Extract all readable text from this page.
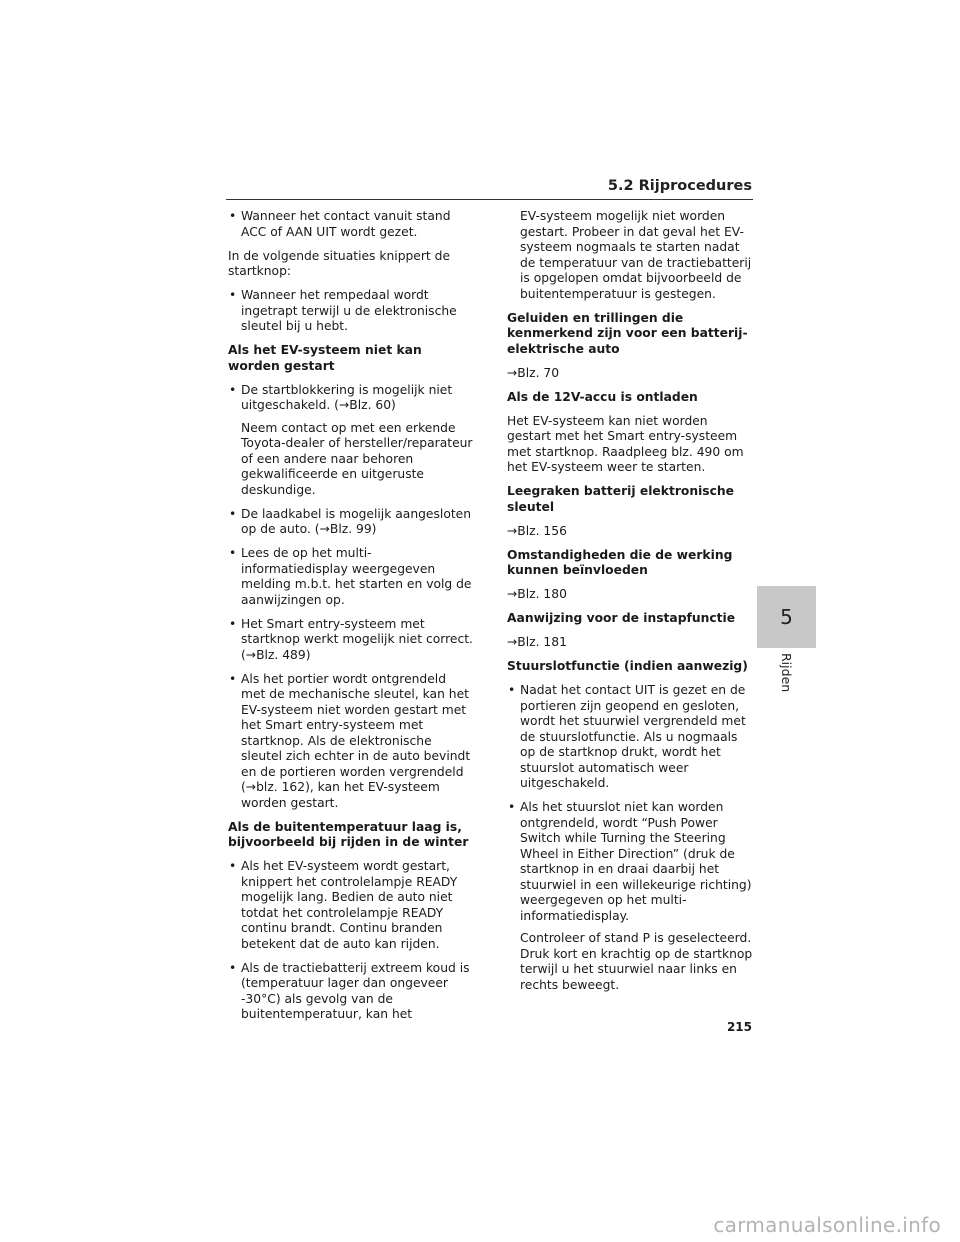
5.2 Rijprocedures
• Wanneer het contact vanuit stand ACC of AAN UIT wordt gezet.

In de volgende situaties knippert de startknop:

• Wanneer het rempedaal wordt ingetrapt terwijl u de elektronische sleutel bij u hebt.
Als het EV-systeem niet kan worden gestart
• De startblokkering is mogelijk niet uitgeschakeld. (→Blz. 60)
Neem contact op met een erkende Toyota-dealer of hersteller/reparateur of een andere naar behoren gekwalificeerde en uitgeruste deskundige.
• De laadkabel is mogelijk aangesloten op de auto. (→Blz. 99)
• Lees de op het multi-informatiedisplay weergegeven melding m.b.t. het starten en volg de aanwijzingen op.
• Het Smart entry-systeem met startknop werkt mogelijk niet correct. (→Blz. 489)
• Als het portier wordt ontgrendeld met de mechanische sleutel, kan het EV-systeem niet worden gestart met het Smart entry-systeem met startknop. Als de elektronische sleutel zich echter in de auto bevindt en de portieren worden vergrendeld (→blz. 162), kan het EV-systeem worden gestart.
Als de buitentemperatuur laag is, bijvoorbeeld bij rijden in de winter
• Als het EV-systeem wordt gestart, knippert het controlelampje READY mogelijk lang. Bedien de auto niet totdat het controlelampje READY continu brandt. Continu branden betekent dat de auto kan rijden.
• Als de tractiebatterij extreem koud is (temperatuur lager dan ongeveer -30°C) als gevolg van de buitentemperatuur, kan het
EV-systeem mogelijk niet worden gestart. Probeer in dat geval het EV-systeem nogmaals te starten nadat de temperatuur van de tractiebatterij is opgelopen omdat bijvoorbeeld de buitentemperatuur is gestegen.
Geluiden en trillingen die kenmerkend zijn voor een batterij-elektrische auto

→Blz. 70

Als de 12V-accu is ontladen

Het EV-systeem kan niet worden gestart met het Smart entry-systeem met startknop. Raadpleeg blz. 490 om het EV-systeem weer te starten.

Leegraken batterij elektronische sleutel

→Blz. 156

Omstandigheden die de werking kunnen beïnvloeden

→Blz. 180

Aanwijzing voor de instapfunctie

→Blz. 181

Stuurslotfunctie (indien aanwezig)
• Nadat het contact UIT is gezet en de portieren zijn geopend en gesloten, wordt het stuurwiel vergrendeld met de stuurslotfunctie. Als u nogmaals op de startknop drukt, wordt het stuurslot automatisch weer uitgeschakeld.
• Als het stuurslot niet kan worden ontgrendeld, wordt “Push Power Switch while Turning the Steering Wheel in Either Direction” (druk de startknop in en draai daarbij het stuurwiel in een willekeurige richting) weergegeven op het multi-informatiedisplay.
Controleer of stand P is geselecteerd. Druk kort en krachtig op de startknop terwijl u het stuurwiel naar links en rechts beweegt.
5
Rijden
215
carmanualsonline.info
